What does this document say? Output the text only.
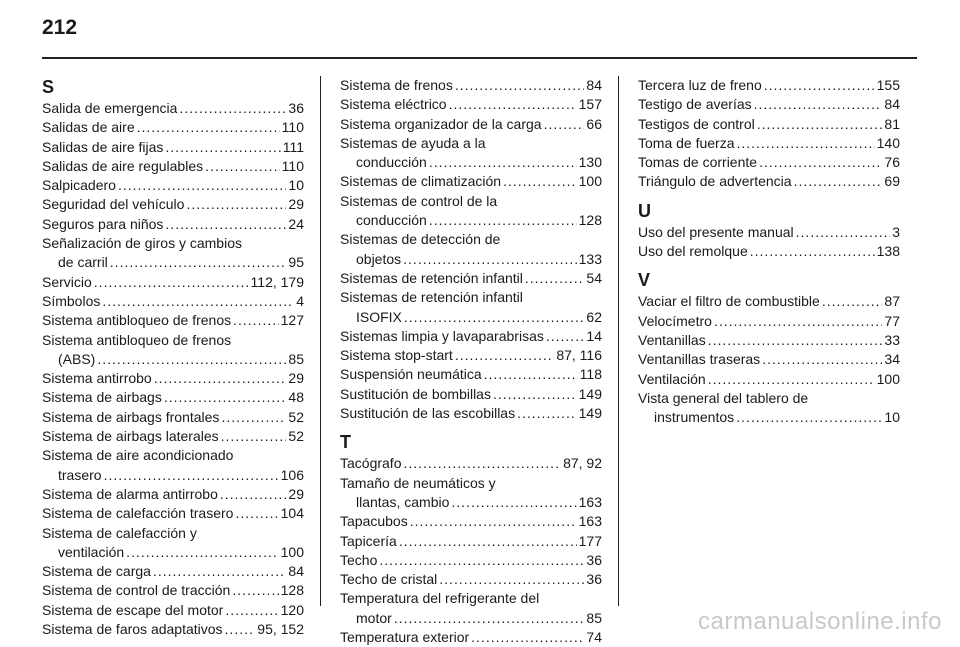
212
S
Salida de emergencia .....	36
Salidas de aire .....	110
Salidas de aire fijas .....	111
Salidas de aire regulables .....	110
Salpicadero .....	10
Seguridad del vehículo .....	29
Seguros para niños .....	24
Señalización de giros y cambios
de carril .....	95
Servicio .....	112, 179
Símbolos .....	4
Sistema antibloqueo de frenos .....	127
Sistema antibloqueo de frenos
(ABS) .....	85
Sistema antirrobo .....	29
Sistema de airbags .....	48
Sistema de airbags frontales .....	52
Sistema de airbags laterales .....	52
Sistema de aire acondicionado
trasero .....	106
Sistema de alarma antirrobo .....	29
Sistema de calefacción trasero .....	104
Sistema de calefacción y
ventilación .....	100
Sistema de carga .....	84
Sistema de control de tracción .....	128
Sistema de escape del motor .....	120
Sistema de faros adaptativos ..... 95, 152
Sistema de frenos .....	84
Sistema eléctrico .....	157
Sistema organizador de la carga .....	66
Sistemas de ayuda a la
conducción .....	130
Sistemas de climatización .....	100
Sistemas de control de la
conducción .....	128
Sistemas de detección de
objetos .....	133
Sistemas de retención infantil .....	54
Sistemas de retención infantil
ISOFIX .....	62
Sistemas limpia y lavaparabrisas .....	14
Sistema stop-start .....	87, 116
Suspensión neumática .....	118
Sustitución de bombillas .....	149
Sustitución de las escobillas .....	149
T
Tacógrafo .....	87, 92
Tamaño de neumáticos y
llantas, cambio .....	163
Tapacubos .....	163
Tapicería .....	177
Techo .....	36
Techo de cristal .....	36
Temperatura del refrigerante del
motor .....	85
Temperatura exterior .....	74
Tercera luz de freno .....	155
Testigo de averías .....	84
Testigos de control .....	81
Toma de fuerza .....	140
Tomas de corriente .....	76
Triángulo de advertencia .....	69
U
Uso del presente manual .....	3
Uso del remolque .....	138
V
Vaciar el filtro de combustible .....	87
Velocímetro .....	77
Ventanillas .....	33
Ventanillas traseras .....	34
Ventilación .....	100
Vista general del tablero de
instrumentos .....	10
carmanualsonline.info
